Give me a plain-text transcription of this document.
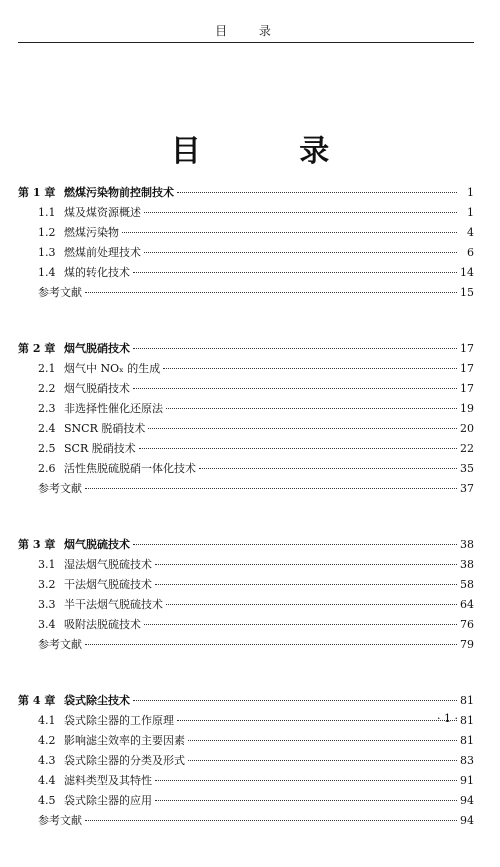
目 录
目 录
第 1 章 燃煤污染物前控制技术	1
1.1 煤及煤资源概述	1
1.2 燃煤污染物	4
1.3 燃煤前处理技术	6
1.4 煤的转化技术	14
参考文献	15
第 2 章 烟气脱硝技术	17
2.1 烟气中 NOₓ 的生成	17
2.2 烟气脱硝技术	17
2.3 非选择性催化还原法	19
2.4 SNCR 脱硝技术	20
2.5 SCR 脱硝技术	22
2.6 活性焦脱硫脱硝一体化技术	35
参考文献	37
第 3 章 烟气脱硫技术	38
3.1 湿法烟气脱硫技术	38
3.2 干法烟气脱硫技术	58
3.3 半干法烟气脱硫技术	64
3.4 吸附法脱硫技术	76
参考文献	79
第 4 章 袋式除尘技术	81
4.1 袋式除尘器的工作原理	81
4.2 影响滤尘效率的主要因素	81
4.3 袋式除尘器的分类及形式	83
4.4 滤料类型及其特性	91
4.5 袋式除尘器的应用	94
参考文献	94
· 1 ·
